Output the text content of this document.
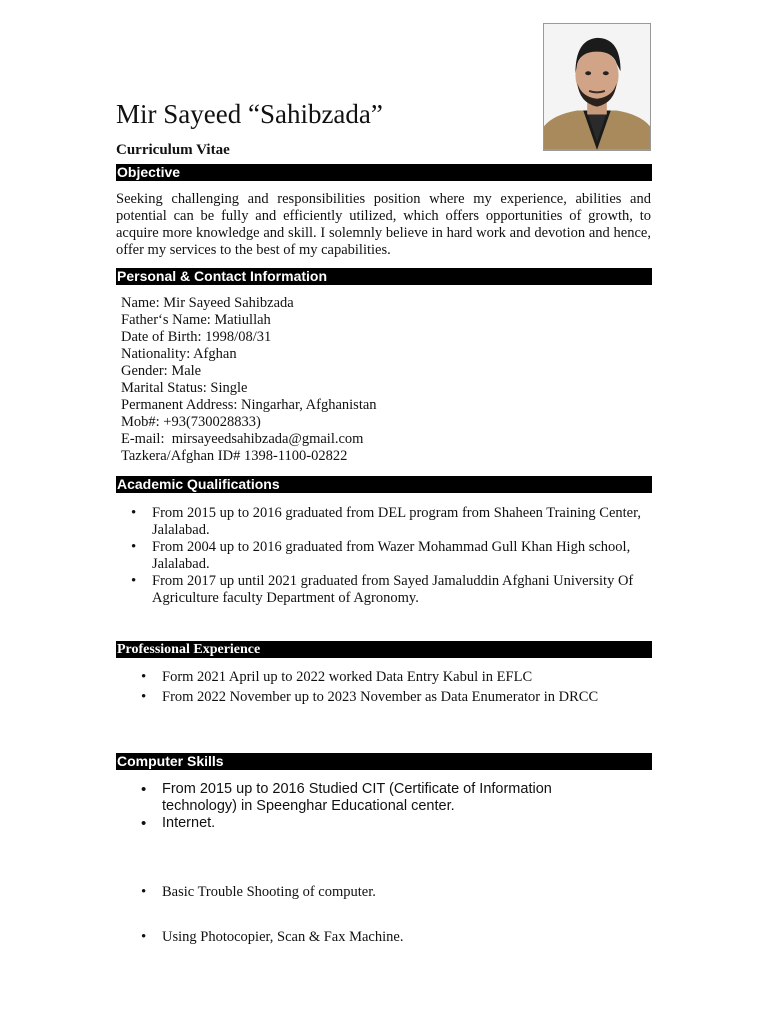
Mir Sayeed “Sahibzada”
Curriculum Vitae
Objective

Seeking challenging and responsibilities position where my experience, abilities and potential can be fully and efficiently utilized, which offers opportunities of growth, to acquire more knowledge and skill. I solemnly believe in hard work and devotion and hence, offer my services to the best of my capabilities.

Personal & Contact Information
Name: Mir Sayeed Sahibzada
Father‘s Name: Matiullah
Date of Birth: 1998/08/31
Nationality: Afghan
Gender: Male
Marital Status: Single
Permanent Address: Ningarhar, Afghanistan
Mob#: +93(730028833)
E-mail:  mirsayeedsahibzada@gmail.com
Tazkera/Afghan ID# 1398-1100-02822
Academic Qualifications
• From 2015 up to 2016 graduated from DEL program from Shaheen Training Center, Jalalabad.
• From 2004 up to 2016 graduated from Wazer Mohammad Gull Khan High school, Jalalabad.
• From 2017 up until 2021 graduated from Sayed Jamaluddin Afghani University Of Agriculture faculty Department of Agronomy.
Professional Experience
• Form 2021 April up to 2022 worked Data Entry Kabul in EFLC
• From 2022 November up to 2023 November as Data Enumerator in DRCC
Computer Skills
• From 2015 up to 2016 Studied CIT (Certificate of Information technology) in Speenghar Educational center.
• Internet.
• Basic Trouble Shooting of computer.
• Using Photocopier, Scan & Fax Machine.
